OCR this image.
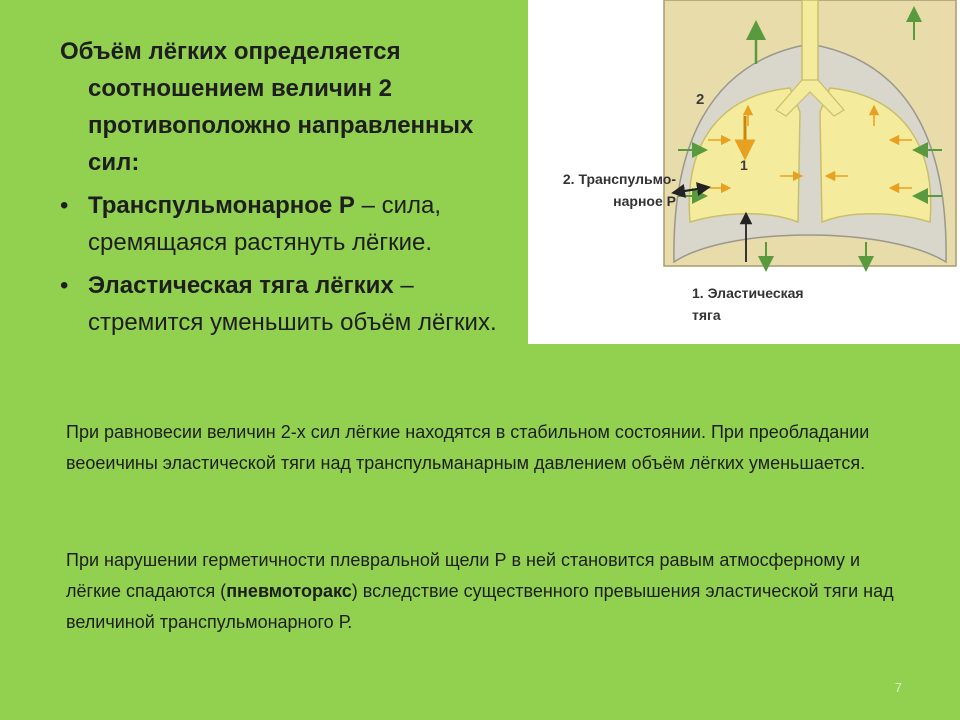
Объём лёгких определяется
соотношением величин 2
противоположно направленных
сил:

• Транспульмонарное Р – сила, сремящаяся растянуть лёгкие.
• Эластическая тяга лёгких – стремится уменьшить объём лёгких.
2
1
2. Транспульмо-
нарное Р
1. Эластическая
тяга

При равновесии величин 2-х сил лёгкие находятся в стабильном состоянии. При преобладании веоеичины эластической тяги над транспульманарным давлением объём лёгких уменьшается.

При нарушении герметичности плевральной щели Р в ней становится равым атмосферному и лёгкие спадаются (пневмоторакс) вследствие существенного превышения эластической тяги над величиной транспульмонарного Р.

7
